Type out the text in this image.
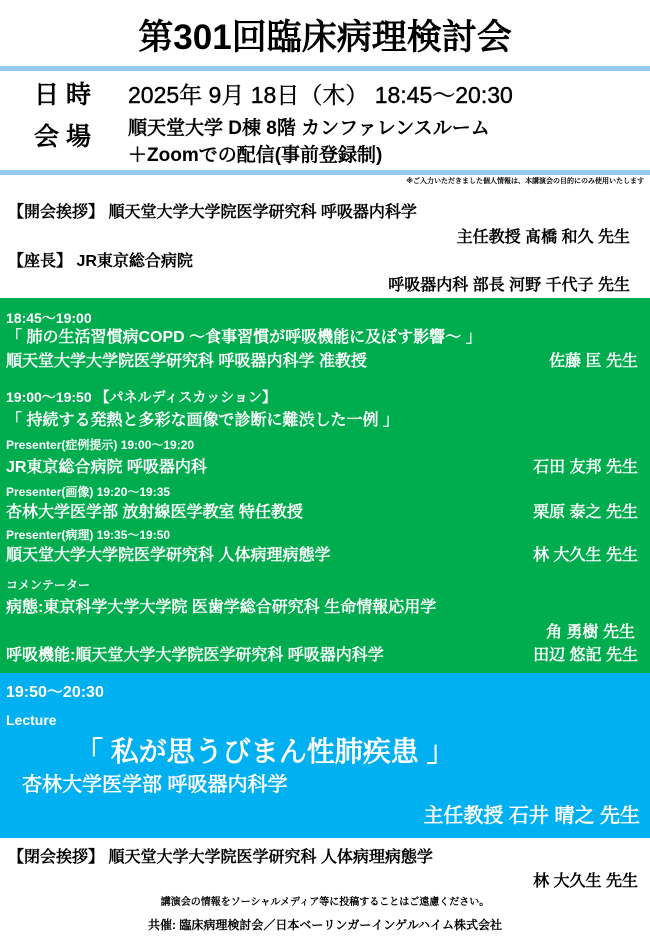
第301回臨床病理検討会
日 時 2025年 9月 18日（木） 18:45〜20:30
会 場 順天堂大学 D棟 8階 カンファレンスルーム
＋Zoomでの配信(事前登録制)
※ご入力いただきました個人情報は、本講演会の目的にのみ使用いたします
【開会挨拶】 順天堂大学大学院医学研究科 呼吸器内科学
主任教授 髙橋 和久 先生
【座長】 JR東京総合病院
呼吸器内科 部長 河野 千代子 先生
18:45〜19:00
「 肺の生活習慣病COPD 〜食事習慣が呼吸機能に及ぼす影響〜 」
順天堂大学大学院医学研究科 呼吸器内科学 准教授	佐藤 匡 先生
19:00〜19:50 【パネルディスカッション】
「 持続する発熱と多彩な画像で診断に難渋した一例 」
Presenter(症例提示) 19:00〜19:20
JR東京総合病院 呼吸器内科	石田 友邦 先生
Presenter(画像) 19:20〜19:35
杏林大学医学部 放射線医学教室 特任教授	栗原 泰之 先生
Presenter(病理) 19:35〜19:50
順天堂大学大学院医学研究科 人体病理病態学	林 大久生 先生
コメンテーター
病態:東京科学大学大学院 医歯学総合研究科 生命情報応用学
角 勇樹 先生
呼吸機能:順天堂大学大学院医学研究科 呼吸器内科学	田辺 悠記 先生
19:50〜20:30
Lecture
「 私が思うびまん性肺疾患 」
杏林大学医学部 呼吸器内科学
主任教授 石井 晴之 先生
【閉会挨拶】 順天堂大学大学院医学研究科 人体病理病態学
林 大久生 先生
講演会の情報をソーシャルメディア等に投稿することはご遠慮ください。
共催: 臨床病理検討会／日本ベーリンガーインゲルハイム株式会社
